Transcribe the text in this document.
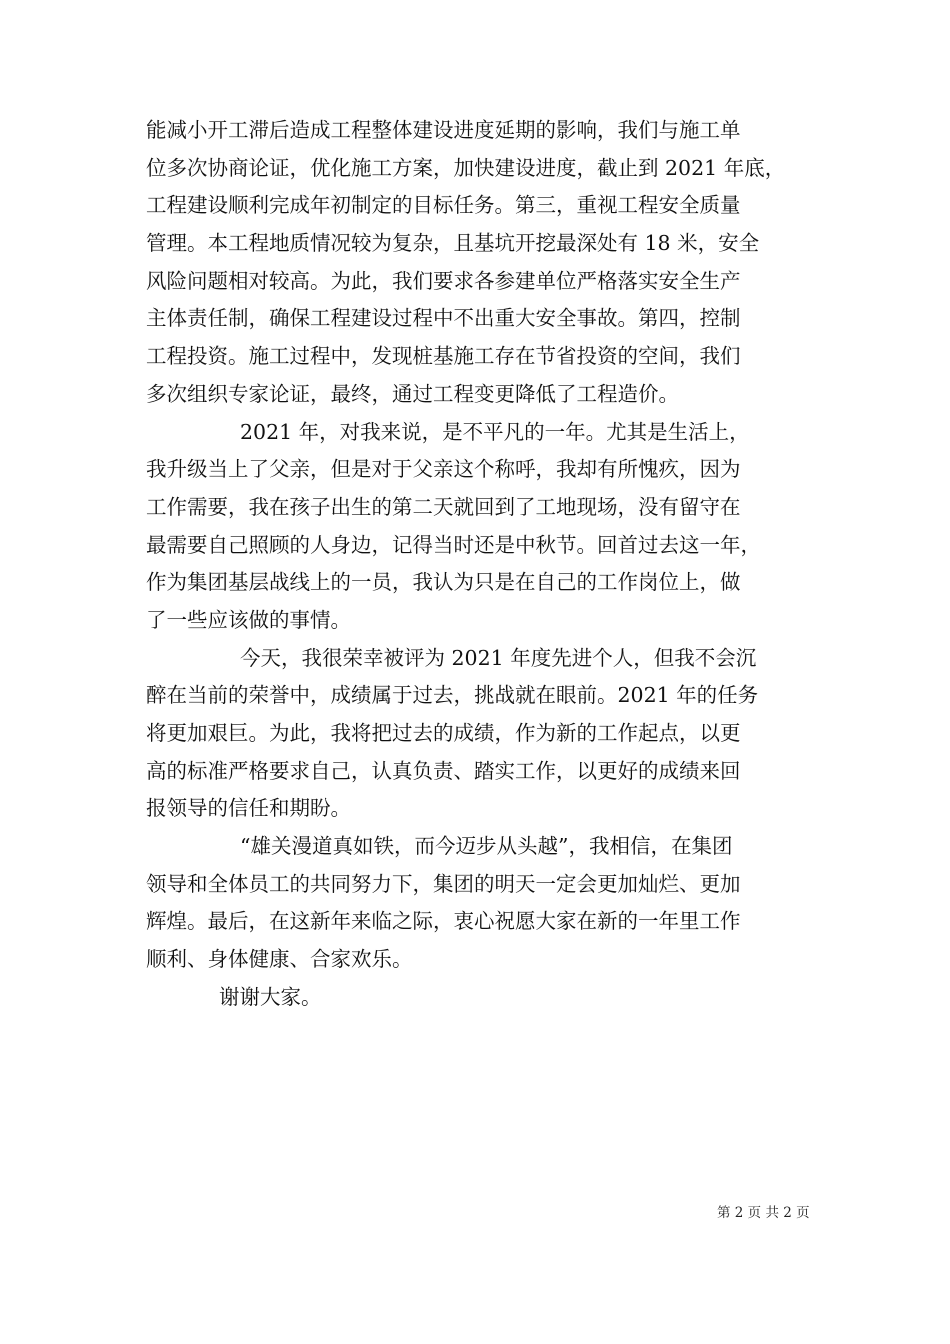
能减小开工滞后造成工程整体建设进度延期的影响，我们与施工单
位多次协商论证，优化施工方案，加快建设进度，截止到 2021 年底，
工程建设顺利完成年初制定的目标任务。第三，重视工程安全质量
管理。本工程地质情况较为复杂，且基坑开挖最深处有 18 米，安全
风险问题相对较高。为此，我们要求各参建单位严格落实安全生产
主体责任制，确保工程建设过程中不出重大安全事故。第四，控制
工程投资。施工过程中，发现桩基施工存在节省投资的空间，我们
多次组织专家论证，最终，通过工程变更降低了工程造价。
2021 年，对我来说，是不平凡的一年。尤其是生活上，
我升级当上了父亲，但是对于父亲这个称呼，我却有所愧疚，因为
工作需要，我在孩子出生的第二天就回到了工地现场，没有留守在
最需要自己照顾的人身边，记得当时还是中秋节。回首过去这一年，
作为集团基层战线上的一员，我认为只是在自己的工作岗位上，做
了一些应该做的事情。
今天，我很荣幸被评为 2021 年度先进个人，但我不会沉
醉在当前的荣誉中，成绩属于过去，挑战就在眼前。2021 年的任务
将更加艰巨。为此，我将把过去的成绩，作为新的工作起点，以更
高的标准严格要求自己，认真负责、踏实工作，以更好的成绩来回
报领导的信任和期盼。
“雄关漫道真如铁，而今迈步从头越”，我相信，在集团
领导和全体员工的共同努力下，集团的明天一定会更加灿烂、更加
辉煌。最后，在这新年来临之际，衷心祝愿大家在新的一年里工作
顺利、身体健康、合家欢乐。
谢谢大家。
第 2 页 共 2 页
